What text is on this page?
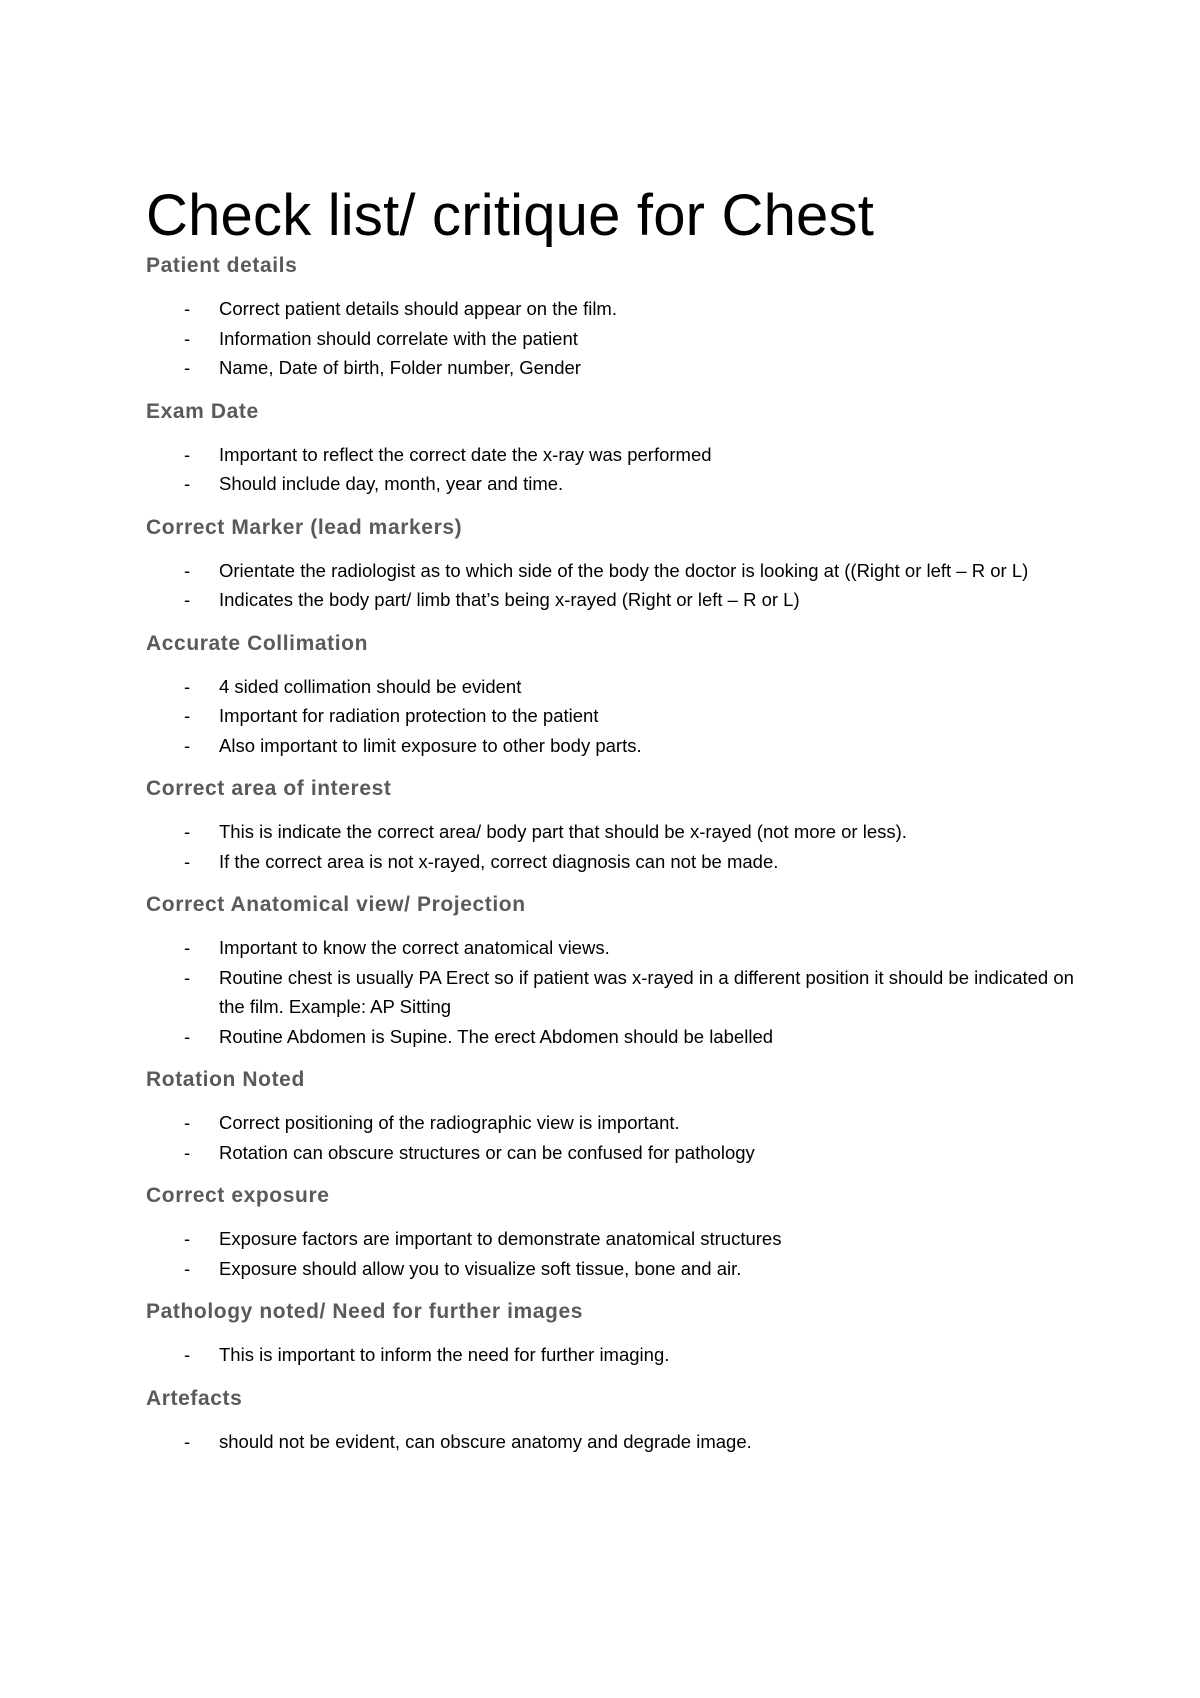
Check list/ critique for Chest
Patient details
- Correct patient details should appear on the film.
- Information should correlate with the patient
- Name, Date of birth, Folder number, Gender
Exam Date
- Important to reflect the correct date the x-ray was performed
- Should include day, month, year and time.
Correct Marker (lead markers)
- Orientate the radiologist as to which side of the body the doctor is looking at ((Right or left – R or L)
- Indicates the body part/ limb that’s being x-rayed (Right or left – R or L)
Accurate Collimation
- 4 sided collimation should be evident
- Important for radiation protection to the patient
- Also important to limit exposure to other body parts.
Correct area of interest
- This is indicate the correct area/ body part that should be x-rayed (not more or less).
- If the correct area is not x-rayed, correct diagnosis can not be made.
Correct Anatomical view/ Projection
- Important to know the correct anatomical views.
- Routine chest is usually PA Erect so if patient was x-rayed in a different position it should be indicated on the film. Example: AP Sitting
- Routine Abdomen is Supine. The erect Abdomen should be labelled
Rotation Noted
- Correct positioning of the radiographic view is important.
- Rotation can obscure structures or can be confused for pathology
Correct exposure
- Exposure factors are important to demonstrate anatomical structures
- Exposure should allow you to visualize soft tissue, bone and air.
Pathology noted/ Need for further images
- This is important to inform the need for further imaging.
Artefacts
- should not be evident, can obscure anatomy and degrade image.
